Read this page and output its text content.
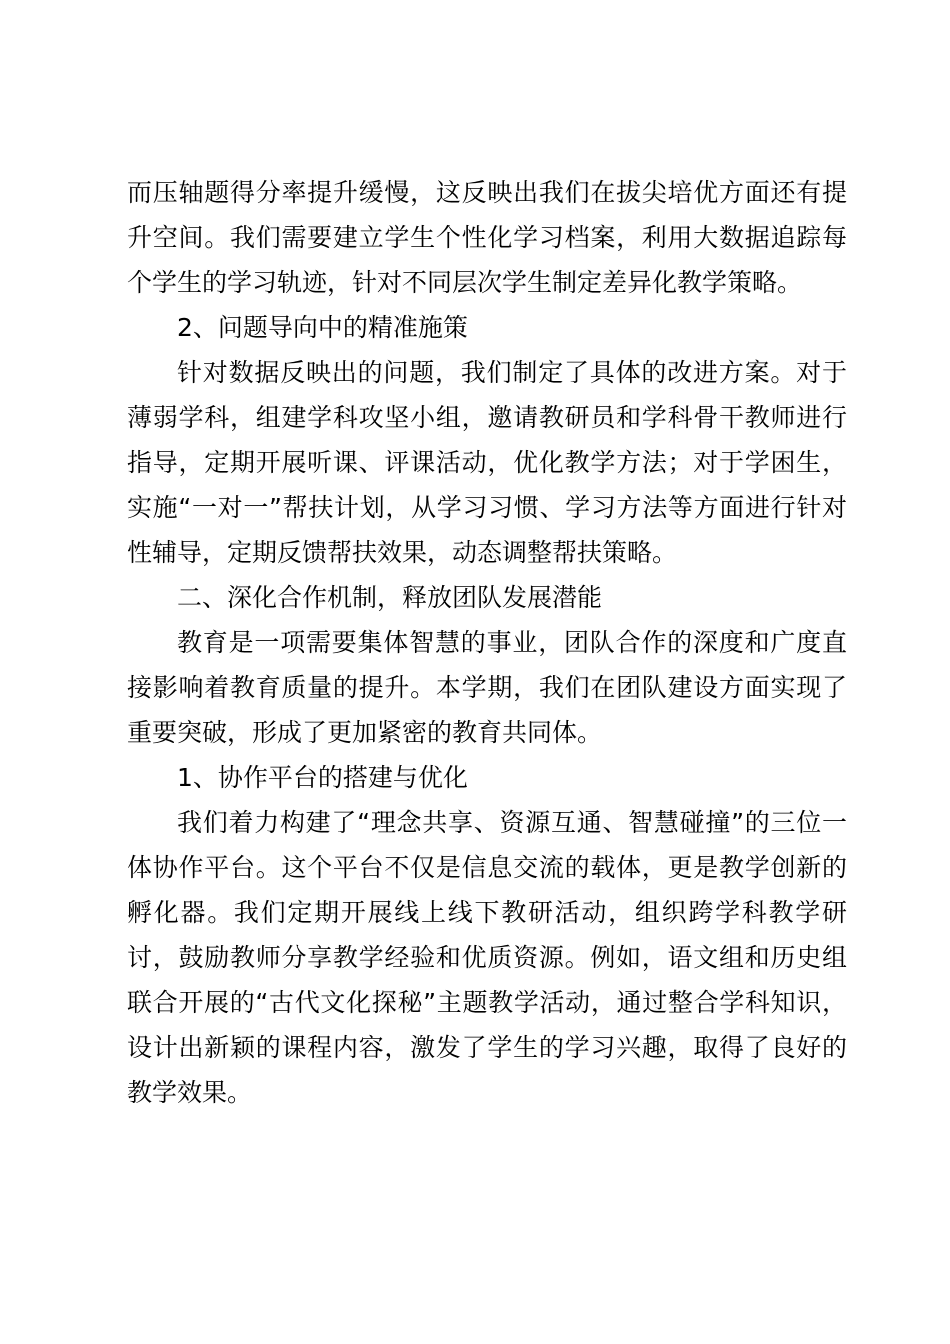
而压轴题得分率提升缓慢，这反映出我们在拔尖培优方面还有提升空间。我们需要建立学生个性化学习档案，利用大数据追踪每个学生的学习轨迹，针对不同层次学生制定差异化教学策略。

2、问题导向中的精准施策

针对数据反映出的问题，我们制定了具体的改进方案。对于薄弱学科，组建学科攻坚小组，邀请教研员和学科骨干教师进行指导，定期开展听课、评课活动，优化教学方法；对于学困生，实施“一对一”帮扶计划，从学习习惯、学习方法等方面进行针对性辅导，定期反馈帮扶效果，动态调整帮扶策略。

二、深化合作机制，释放团队发展潜能

教育是一项需要集体智慧的事业，团队合作的深度和广度直接影响着教育质量的提升。本学期，我们在团队建设方面实现了重要突破，形成了更加紧密的教育共同体。

1、协作平台的搭建与优化

我们着力构建了“理念共享、资源互通、智慧碰撞”的三位一体协作平台。这个平台不仅是信息交流的载体，更是教学创新的孵化器。我们定期开展线上线下教研活动，组织跨学科教学研讨，鼓励教师分享教学经验和优质资源。例如，语文组和历史组联合开展的“古代文化探秘”主题教学活动，通过整合学科知识，设计出新颖的课程内容，激发了学生的学习兴趣，取得了良好的教学效果。
